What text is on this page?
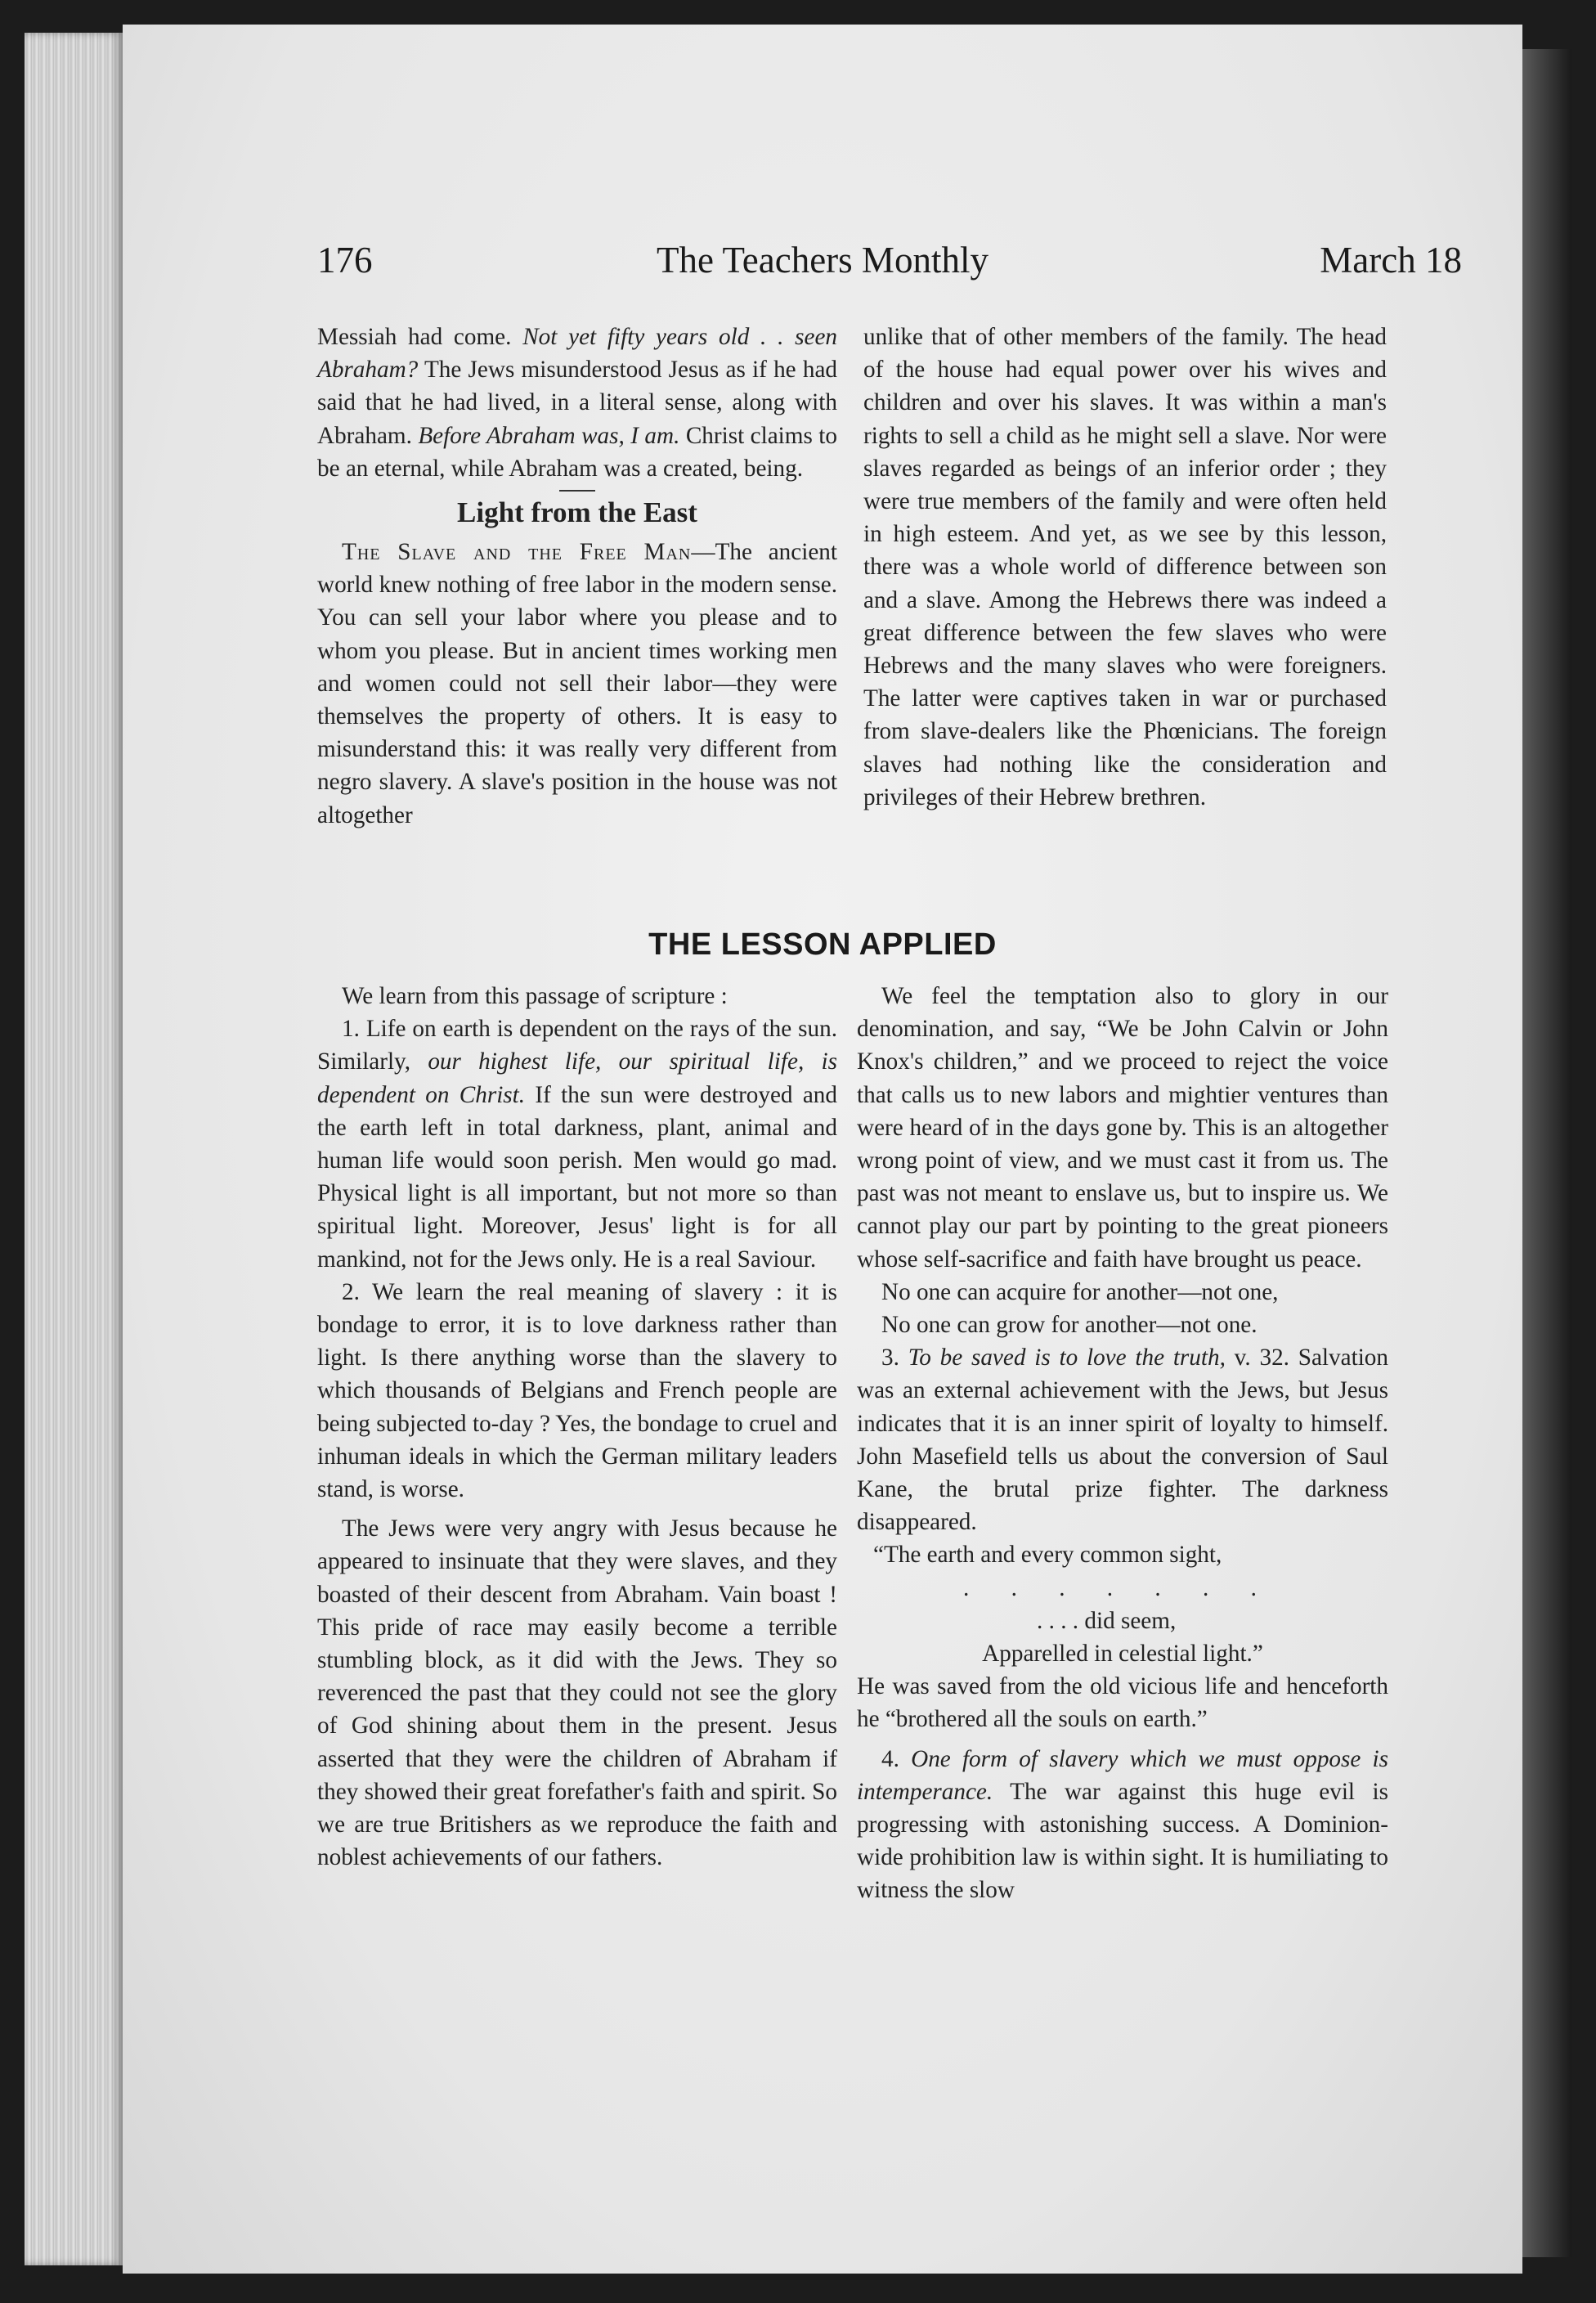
176	The Teachers Monthly	March 18

Messiah had come. Not yet fifty years old . . seen Abraham? The Jews misunderstood Jesus as if he had said that he had lived, in a literal sense, along with Abraham. Before Abraham was, I am. Christ claims to be an eternal, while Abraham was a created, being.

Light from the East

The Slave and the Free Man—The ancient world knew nothing of free labor in the modern sense. You can sell your labor where you please and to whom you please. But in ancient times working men and women could not sell their labor—they were themselves the property of others. It is easy to misunderstand this: it was really very different from negro slavery. A slave's position in the house was not altogether

unlike that of other members of the family. The head of the house had equal power over his wives and children and over his slaves. It was within a man's rights to sell a child as he might sell a slave. Nor were slaves regarded as beings of an inferior order ; they were true members of the family and were often held in high esteem. And yet, as we see by this lesson, there was a whole world of difference between son and a slave. Among the Hebrews there was indeed a great difference between the few slaves who were Hebrews and the many slaves who were foreigners. The latter were captives taken in war or purchased from slave-dealers like the Phœnicians. The foreign slaves had nothing like the consideration and privileges of their Hebrew brethren.

THE LESSON APPLIED

We learn from this passage of scripture :

1. Life on earth is dependent on the rays of the sun. Similarly, our highest life, our spiritual life, is dependent on Christ. If the sun were destroyed and the earth left in total darkness, plant, animal and human life would soon perish. Men would go mad. Physical light is all important, but not more so than spiritual light. Moreover, Jesus' light is for all mankind, not for the Jews only. He is a real Saviour.

2. We learn the real meaning of slavery : it is bondage to error, it is to love darkness rather than light. Is there anything worse than the slavery to which thousands of Belgians and French people are being subjected to-day ? Yes, the bondage to cruel and inhuman ideals in which the German military leaders stand, is worse.

The Jews were very angry with Jesus because he appeared to insinuate that they were slaves, and they boasted of their descent from Abraham. Vain boast ! This pride of race may easily become a terrible stumbling block, as it did with the Jews. They so reverenced the past that they could not see the glory of God shining about them in the present. Jesus asserted that they were the children of Abraham if they showed their great forefather's faith and spirit. So we are true Britishers as we reproduce the faith and noblest achievements of our fathers.

We feel the temptation also to glory in our denomination, and say, “We be John Calvin or John Knox's children,” and we proceed to reject the voice that calls us to new labors and mightier ventures than were heard of in the days gone by. This is an altogether wrong point of view, and we must cast it from us. The past was not meant to enslave us, but to inspire us. We cannot play our part by pointing to the great pioneers whose self-sacrifice and faith have brought us peace.

No one can acquire for another—not one,

No one can grow for another—not one.

3. To be saved is to love the truth, v. 32. Salvation was an external achievement with the Jews, but Jesus indicates that it is an inner spirit of loyalty to himself. John Masefield tells us about the conversion of Saul Kane, the brutal prize fighter. The darkness disappeared.

“The earth and every common sight,

. . . . . . .

. . . . did seem,

Apparelled in celestial light.”

He was saved from the old vicious life and henceforth he “brothered all the souls on earth.”

4. One form of slavery which we must oppose is intemperance. The war against this huge evil is progressing with astonishing success. A Dominion-wide prohibition law is within sight. It is humiliating to witness the slow
